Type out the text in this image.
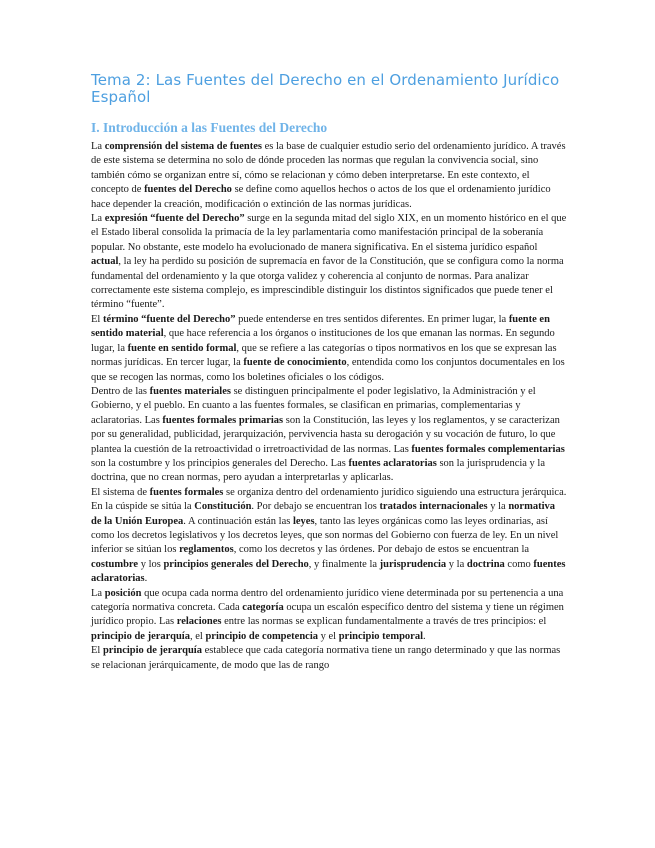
Tema 2: Las Fuentes del Derecho en el Ordenamiento Jurídico Español
I. Introducción a las Fuentes del Derecho

La comprensión del sistema de fuentes es la base de cualquier estudio serio del ordenamiento jurídico. A través de este sistema se determina no solo de dónde proceden las normas que regulan la convivencia social, sino también cómo se organizan entre sí, cómo se relacionan y cómo deben interpretarse. En este contexto, el concepto de fuentes del Derecho se define como aquellos hechos o actos de los que el ordenamiento jurídico hace depender la creación, modificación o extinción de las normas jurídicas.

La expresión “fuente del Derecho” surge en la segunda mitad del siglo XIX, en un momento histórico en el que el Estado liberal consolida la primacía de la ley parlamentaria como manifestación principal de la soberanía popular. No obstante, este modelo ha evolucionado de manera significativa. En el sistema jurídico español actual, la ley ha perdido su posición de supremacía en favor de la Constitución, que se configura como la norma fundamental del ordenamiento y la que otorga validez y coherencia al conjunto de normas. Para analizar correctamente este sistema complejo, es imprescindible distinguir los distintos significados que puede tener el término “fuente”.

El término “fuente del Derecho” puede entenderse en tres sentidos diferentes. En primer lugar, la fuente en sentido material, que hace referencia a los órganos o instituciones de los que emanan las normas. En segundo lugar, la fuente en sentido formal, que se refiere a las categorías o tipos normativos en los que se expresan las normas jurídicas. En tercer lugar, la fuente de conocimiento, entendida como los conjuntos documentales en los que se recogen las normas, como los boletines oficiales o los códigos.

Dentro de las fuentes materiales se distinguen principalmente el poder legislativo, la Administración y el Gobierno, y el pueblo. En cuanto a las fuentes formales, se clasifican en primarias, complementarias y aclaratorias. Las fuentes formales primarias son la Constitución, las leyes y los reglamentos, y se caracterizan por su generalidad, publicidad, jerarquización, pervivencia hasta su derogación y su vocación de futuro, lo que plantea la cuestión de la retroactividad o irretroactividad de las normas. Las fuentes formales complementarias son la costumbre y los principios generales del Derecho. Las fuentes aclaratorias son la jurisprudencia y la doctrina, que no crean normas, pero ayudan a interpretarlas y aplicarlas.

El sistema de fuentes formales se organiza dentro del ordenamiento jurídico siguiendo una estructura jerárquica. En la cúspide se sitúa la Constitución. Por debajo se encuentran los tratados internacionales y la normativa de la Unión Europea. A continuación están las leyes, tanto las leyes orgánicas como las leyes ordinarias, así como los decretos legislativos y los decretos leyes, que son normas del Gobierno con fuerza de ley. En un nivel inferior se sitúan los reglamentos, como los decretos y las órdenes. Por debajo de estos se encuentran la costumbre y los principios generales del Derecho, y finalmente la jurisprudencia y la doctrina como fuentes aclaratorias.

La posición que ocupa cada norma dentro del ordenamiento jurídico viene determinada por su pertenencia a una categoría normativa concreta. Cada categoría ocupa un escalón específico dentro del sistema y tiene un régimen jurídico propio. Las relaciones entre las normas se explican fundamentalmente a través de tres principios: el principio de jerarquía, el principio de competencia y el principio temporal.

El principio de jerarquía establece que cada categoría normativa tiene un rango determinado y que las normas se relacionan jerárquicamente, de modo que las de rango
